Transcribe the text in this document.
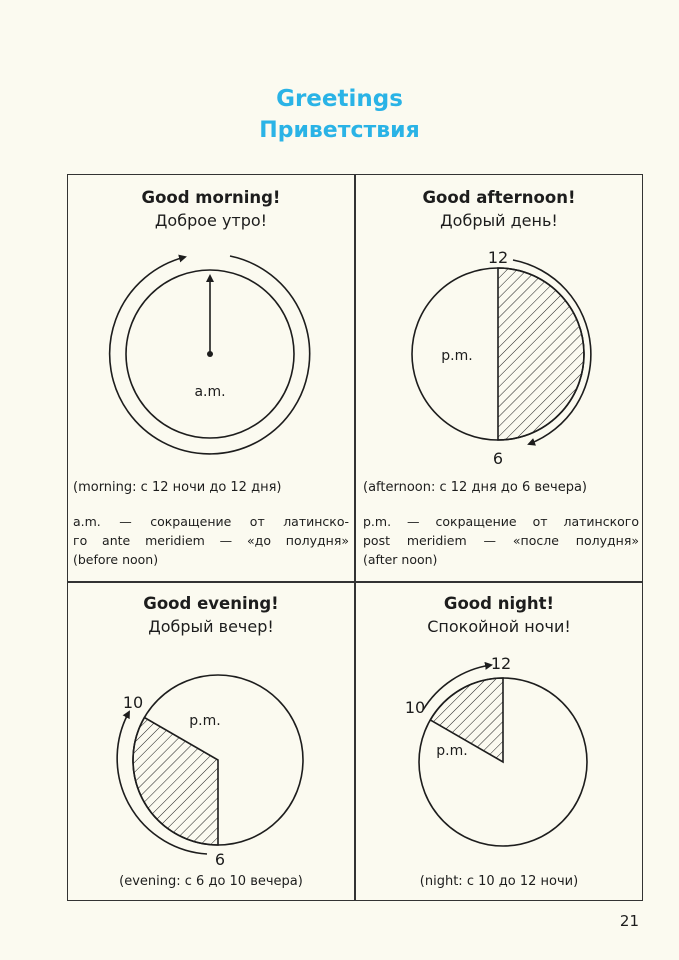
Greetings
Приветствия
Good morning!
Доброе утро!
a.m.
(morning: с 12 ночи до 12 дня)
a.m. — сокращение от латинско-
го ante meridiem — «до полудня»
(before noon)
Good afternoon!
Добрый день!
12
6
p.m.
(afternoon: с 12 дня до 6 вечера)
p.m. — сокращение от латинского
post meridiem — «после полудня»
(after noon)
Good evening!
Добрый вечер!
10
6
p.m.
(evening: с 6 до 10 вечера)
Good night!
Спокойной ночи!
12
10
p.m.
(night: с 10 до 12 ночи)
21
